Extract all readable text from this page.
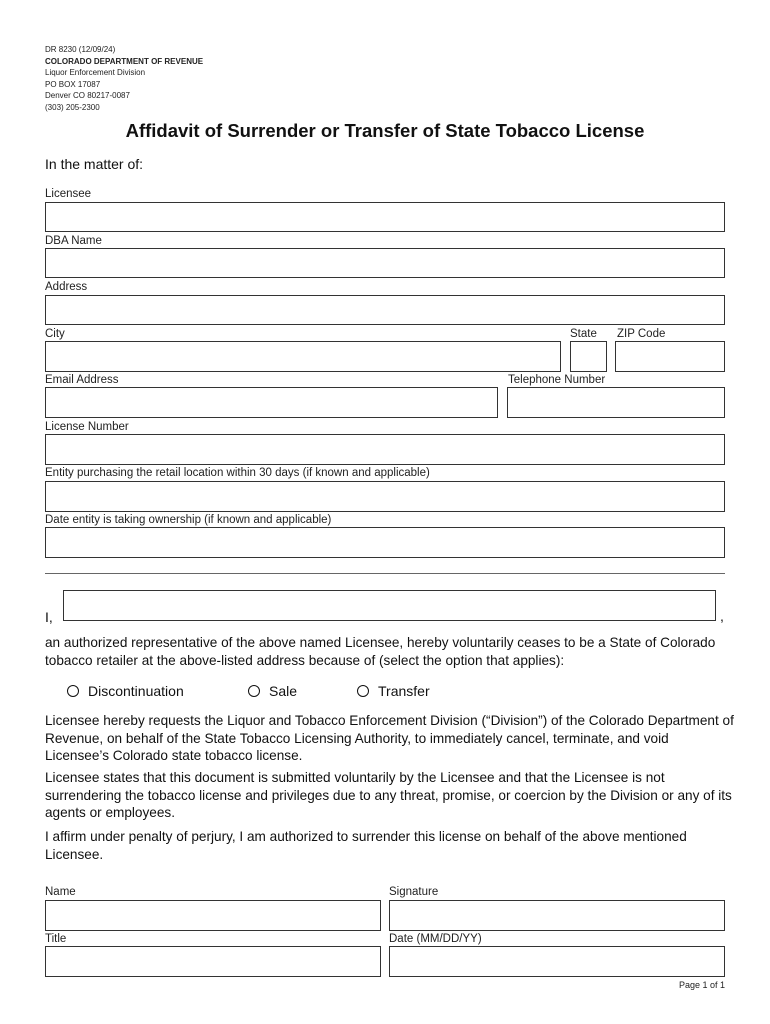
DR 8230 (12/09/24)
COLORADO DEPARTMENT OF REVENUE
Liquor Enforcement Division
PO BOX 17087
Denver CO 80217-0087
(303) 205-2300
Affidavit of Surrender or Transfer of State Tobacco License
In the matter of:
Licensee
DBA Name
Address
City	State ZIP Code
Email Address	Telephone Number
License Number
Entity purchasing the retail location within 30 days (if known and applicable)
Date entity is taking ownership (if known and applicable)
I,	,
an authorized representative of the above named Licensee, hereby voluntarily ceases to be a State of Colorado tobacco retailer at the above-listed address because of (select the option that applies):
Discontinuation	Sale	Transfer
Licensee hereby requests the Liquor and Tobacco Enforcement Division (“Division”) of the Colorado Department of Revenue, on behalf of the State Tobacco Licensing Authority, to immediately cancel, terminate, and void Licensee’s Colorado state tobacco license.
Licensee states that this document is submitted voluntarily by the Licensee and that the Licensee is not surrendering the tobacco license and privileges due to any threat, promise, or coercion by the Division or any of its agents or employees.
I affirm under penalty of perjury, I am authorized to surrender this license on behalf of the above mentioned Licensee.
Name	Signature
Title	Date (MM/DD/YY)
Page 1 of 1
